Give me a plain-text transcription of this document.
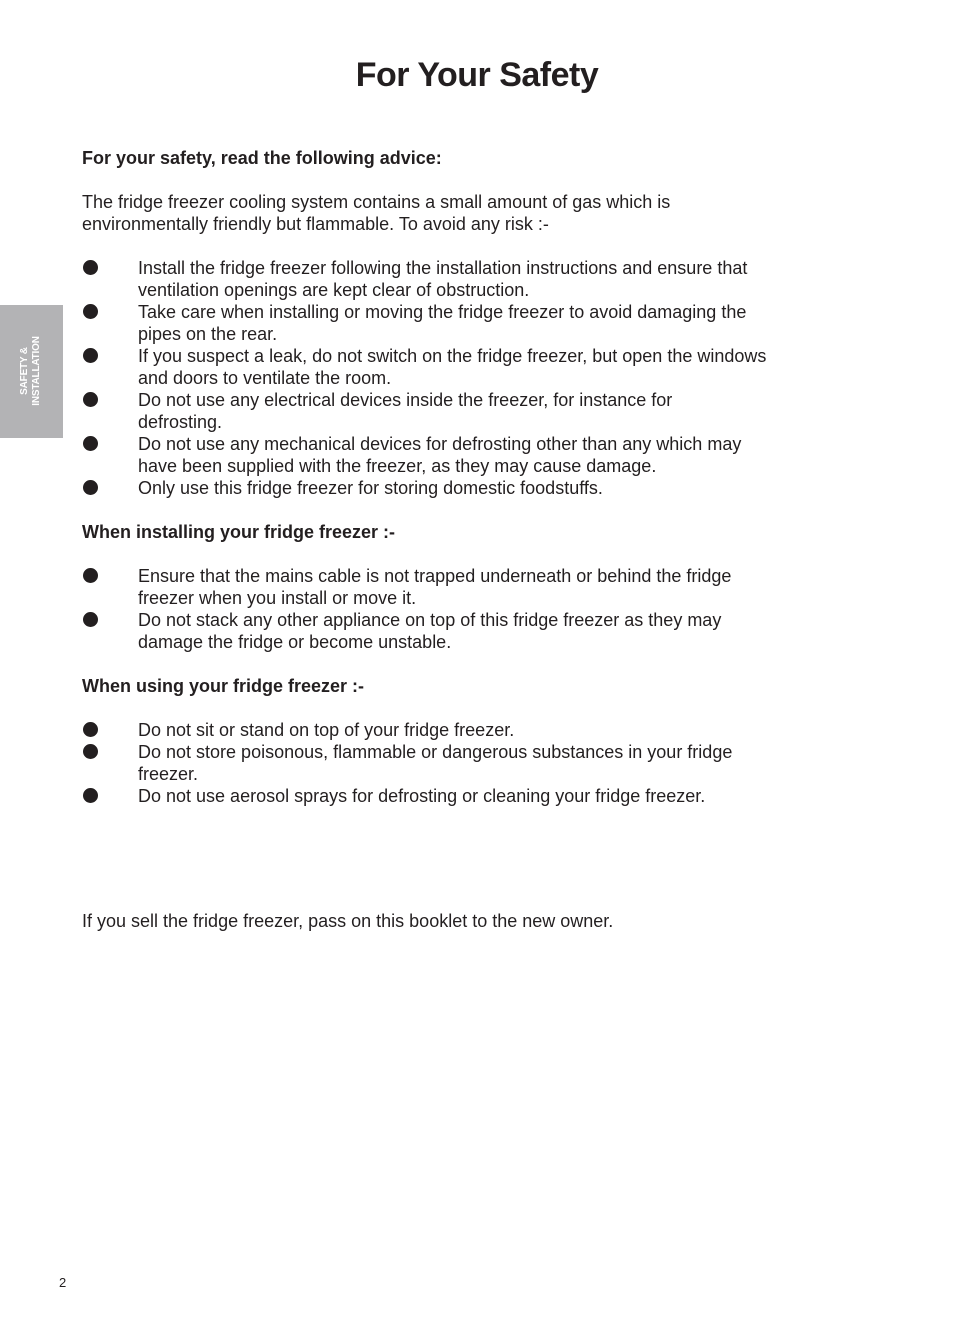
For Your Safety
SAFETY & INSTALLATION

For your safety, read the following advice:

The fridge freezer cooling system contains a small amount of gas which is
environmentally friendly but flammable. To avoid any risk :-

Install the fridge freezer following the installation instructions and ensure that
ventilation openings are kept clear of obstruction.
Take care when installing or moving the fridge freezer to avoid damaging the
pipes on the rear.
If you suspect a leak, do not switch on the fridge freezer, but open the windows
and doors to ventilate the room.
Do not use any electrical devices inside the freezer, for instance for
defrosting.
Do not use any mechanical devices for defrosting other than any which may
have been supplied with the freezer, as they may cause damage.
Only use this fridge freezer for storing domestic foodstuffs.

When installing your fridge freezer :-

Ensure that the mains cable is not trapped underneath or behind the fridge
freezer when you install or move it.
Do not stack any other appliance on top of this fridge freezer as they may
damage the fridge or become unstable.

When using your fridge freezer :-

Do not sit or stand on top of your fridge freezer.
Do not store poisonous, flammable or dangerous substances in your fridge
freezer.
Do not use aerosol sprays for defrosting or cleaning your fridge freezer.

If you sell the fridge freezer, pass on this booklet to the new owner.

2
